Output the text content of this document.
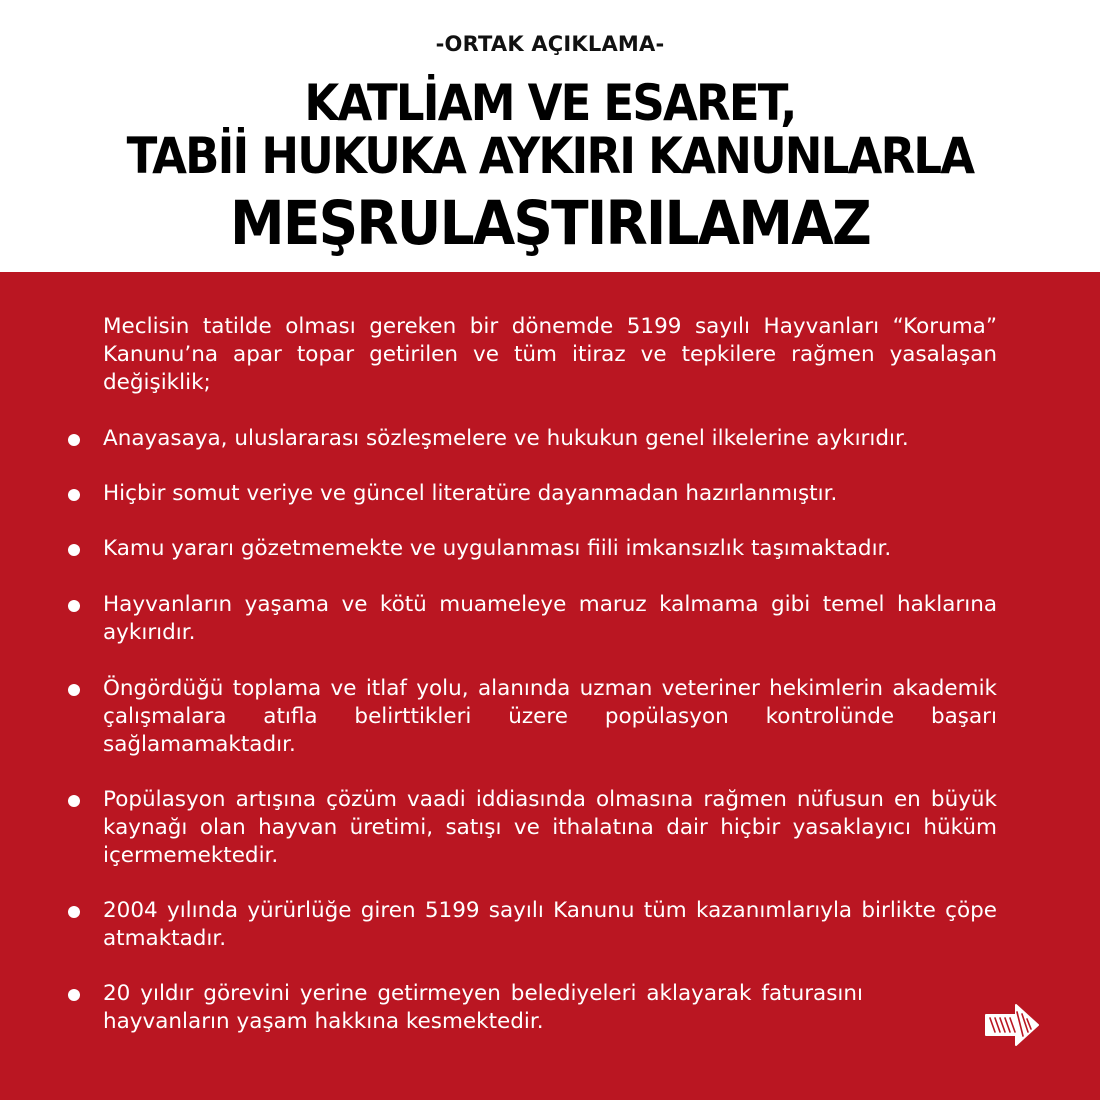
-ORTAK AÇIKLAMA-
KATLİAM VE ESARET,
TABİİ HUKUKA AYKIRI KANUNLARLA
MEŞRULAŞTIRILAMAZ
Meclisin tatilde olması gereken bir dönemde 5199 sayılı Hayvanları “Koruma” Kanunu’na apar topar getirilen ve tüm itiraz ve tepkilere rağmen yasalaşan değişiklik;
Anayasaya, uluslararası sözleşmelere ve hukukun genel ilkelerine aykırıdır.
Hiçbir somut veriye ve güncel literatüre dayanmadan hazırlanmıştır.
Kamu yararı gözetmemekte ve uygulanması fiili imkansızlık taşımaktadır.
Hayvanların yaşama ve kötü muameleye maruz kalmama gibi temel haklarına aykırıdır.
Öngördüğü toplama ve itlaf yolu, alanında uzman veteriner hekimlerin akademik çalışmalara atıfla belirttikleri üzere popülasyon kontrolünde başarı sağlamamaktadır.
Popülasyon artışına çözüm vaadi iddiasında olmasına rağmen nüfusun en büyük kaynağı olan hayvan üretimi, satışı ve ithalatına dair hiçbir yasaklayıcı hüküm içermemektedir.
2004 yılında yürürlüğe giren 5199 sayılı Kanunu tüm kazanımlarıyla birlikte çöpe atmaktadır.
20 yıldır görevini yerine getirmeyen belediyeleri aklayarak faturasını hayvanların yaşam hakkına kesmektedir.
